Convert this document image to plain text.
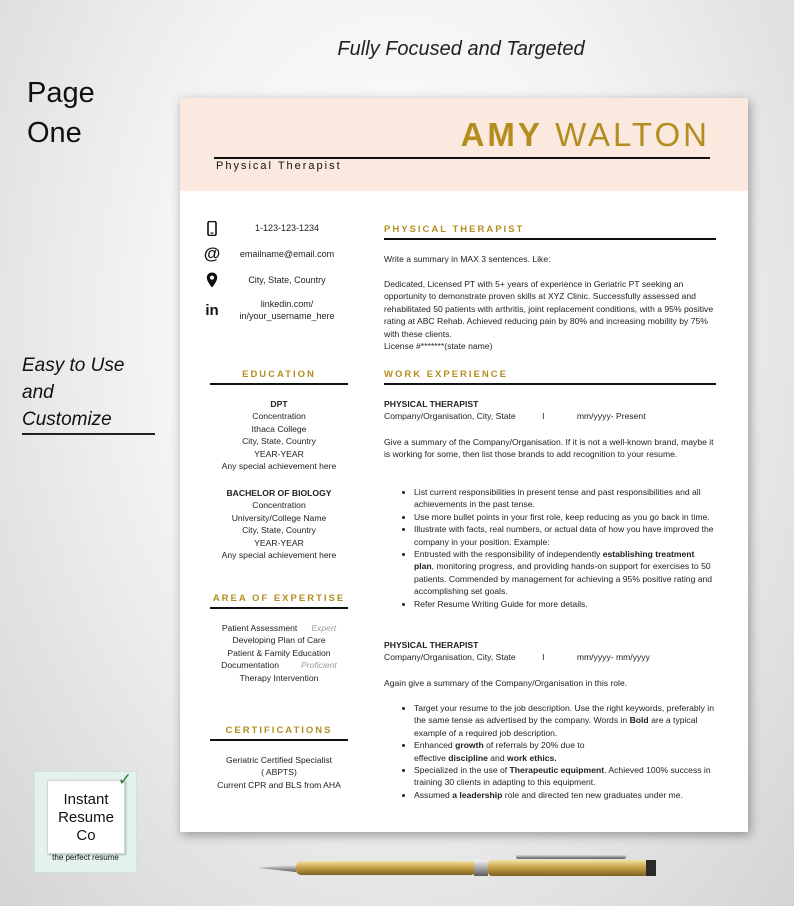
Fully Focused and Targeted
Page
One
Easy to Use
and
Customize
AMY WALTON
Physical Therapist
1-123-123-1234
@	emailname@email.com
City, State, Country
in	linkedin.com/
in/your_username_here
EDUCATION
DPT
Concentration
Ithaca College
City, State, Country
YEAR-YEAR
Any special achievement here
BACHELOR OF BIOLOGY
Concentration
University/College Name
City, State, Country
YEAR-YEAR
Any special achievement here
AREA OF EXPERTISE
Patient Assessment Expert
Developing Plan of Care
Patient & Family Education
Documentation	Proficient
Therapy Intervention
CERTIFICATIONS
Geriatric Certified Specialist
( ABPTS)
Current CPR and BLS from AHA
PHYSICAL THERAPIST
Write a summary in MAX 3 sentences. Like:
Dedicated, Licensed PT with 5+ years of experience in Geriatric PT seeking an opportunity to demonstrate proven skills at XYZ Clinic. Successfully assessed and rehabilitated 50 patients with arthritis, joint replacement conditions, with a 95% positive rating at ABC Rehab. Achieved reducing pain by 80% and increasing mobility by 75% with these clients.
License #*******(state name)
WORK EXPERIENCE
PHYSICAL THERAPIST
Company/Organisation, City, State	I	mm/yyyy- Present
Give a summary of the Company/Organisation. If it is not a well-known brand, maybe it is working for some, then list those brands to add recognition to your resume.
• List current responsibilities in present tense and past responsibilities and all achievements in the past tense.
• Use more bullet points in your first role, keep reducing as you go back in time.
• Illustrate with facts, real numbers, or actual data of how you have improved the company in your position. Example:
• Entrusted with the responsibility of independently establishing treatment plan, monitoring progress, and providing hands-on support for exercises to 50 patients. Commended by management for achieving a 95% positive rating and accomplishing set goals.
• Refer Resume Writing Guide for more details.
PHYSICAL THERAPIST
Company/Organisation, City, State	I	mm/yyyy- mm/yyyy
Again give a summary of the Company/Organisation in this role.
• Target your resume to the job description. Use the right keywords, preferably in the same tense as advertised by the company. Words in Bold are a typical example of a required job description.
• Enhanced growth of referrals by 20% due to
effective discipline and work ethics.
• Specialized in the use of Therapeutic equipment. Achieved 100% success in training 30 clients in adapting to this equipment.
• Assumed a leadership role and directed ten new graduates under me.
Instant
Resume
Co
✓
the perfect resume
